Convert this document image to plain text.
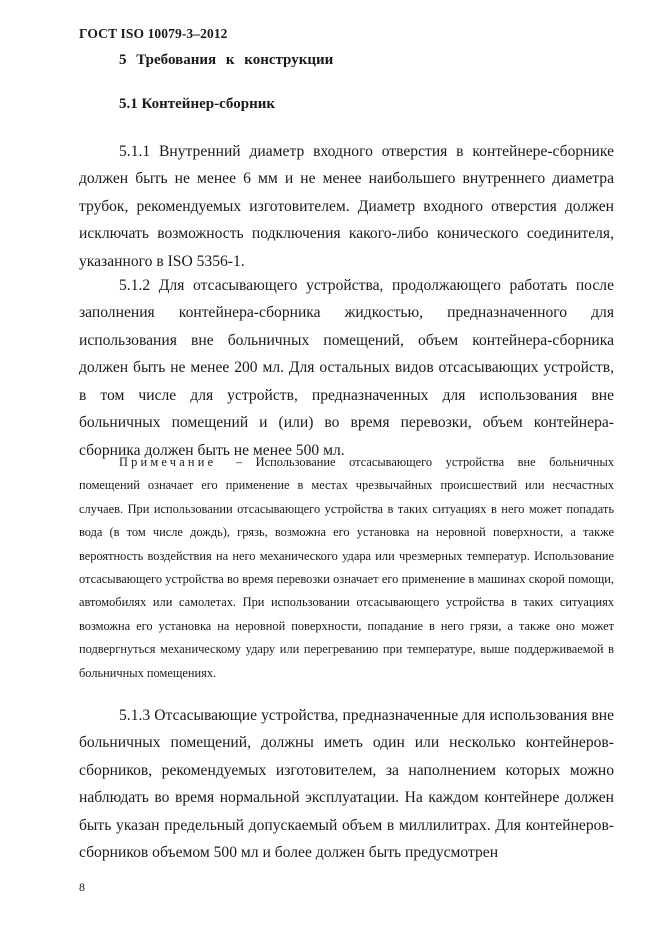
ГОСТ ISO 10079-3–2012
5 Требования к конструкции
5.1 Контейнер-сборник

5.1.1 Внутренний диаметр входного отверстия в контейнере-сборнике должен быть не менее 6 мм и не менее наибольшего внутреннего диаметра трубок, рекомендуемых изготовителем. Диаметр входного отверстия должен исключать возможность подключения какого-либо конического соединителя, указанного в ISO 5356-1.

5.1.2 Для отсасывающего устройства, продолжающего работать после заполнения контейнера-сборника жидкостью, предназначенного для использования вне больничных помещений, объем контейнера-сборника должен быть не менее 200 мл. Для остальных видов отсасывающих устройств, в том числе для устройств, предназначенных для использования вне больничных помещений и (или) во время перевозки, объем контейнера-сборника должен быть не менее 500 мл.

Примечание – Использование отсасывающего устройства вне больничных помещений означает его применение в местах чрезвычайных происшествий или несчастных случаев. При использовании отсасывающего устройства в таких ситуациях в него может попадать вода (в том числе дождь), грязь, возможна его установка на неровной поверхности, а также вероятность воздействия на него механического удара или чрезмерных температур. Использование отсасывающего устройства во время перевозки означает его применение в машинах скорой помощи, автомобилях или самолетах. При использовании отсасывающего устройства в таких ситуациях возможна его установка на неровной поверхности, попадание в него грязи, а также оно может подвергнуться механическому удару или перегреванию при температуре, выше поддерживаемой в больничных помещениях.

5.1.3 Отсасывающие устройства, предназначенные для использования вне больничных помещений, должны иметь один или несколько контейнеров-сборников, рекомендуемых изготовителем, за наполнением которых можно наблюдать во время нормальной эксплуатации. На каждом контейнере должен быть указан предельный допускаемый объем в миллилитрах. Для контейнеров-сборников объемом 500 мл и более должен быть предусмотрен

8
